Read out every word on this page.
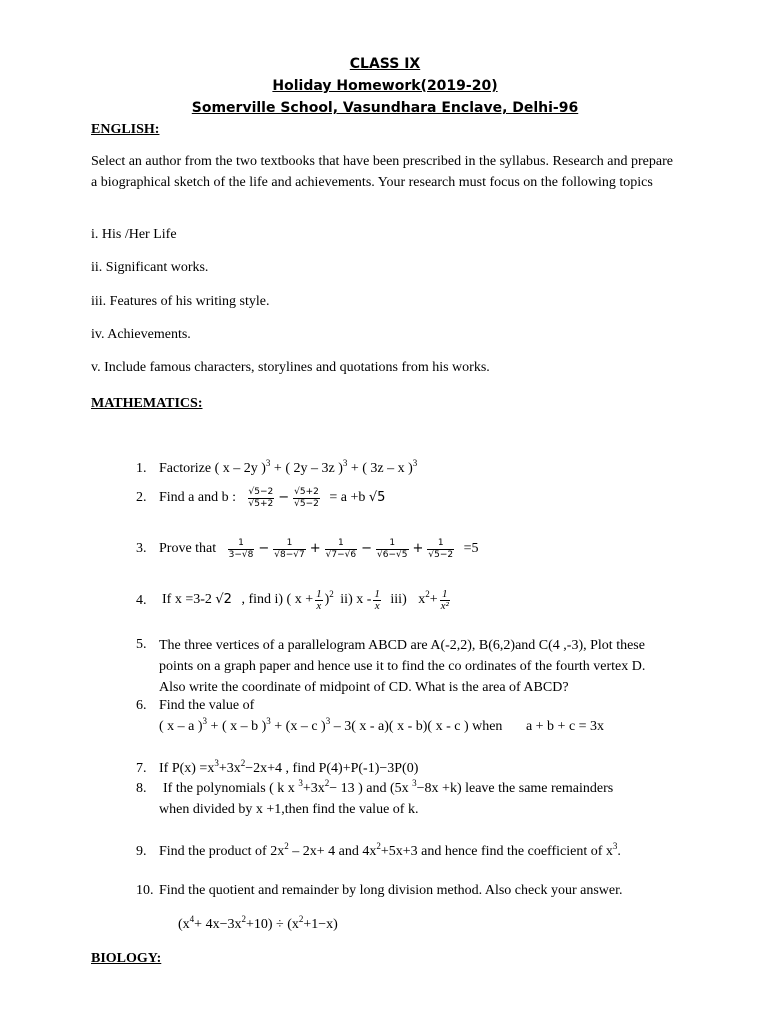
CLASS IX
Holiday Homework(2019-20)
Somerville School, Vasundhara Enclave, Delhi-96
ENGLISH:
Select an author from the two textbooks that have been prescribed in the syllabus. Research and prepare a biographical sketch of the life and achievements. Your research must focus on the following topics
i. His /Her Life
ii. Significant works.
iii. Features of his writing style.
iv. Achievements.
v. Include famous characters, storylines and quotations from his works.
MATHEMATICS:
1. Factorize ( x – 2y )$^3$ + ( 2y – 3z )$^3$ + ( 3z – x )$^3$
2. Find a and b : $\frac{√5-2}{√5+2} - \frac{√5+2}{√5-2} = a +b$ √5
3. Prove that $\frac{1}{3-√8} - \frac{1}{√8-√7} + \frac{1}{√7-√6} - \frac{1}{√6-√5} + \frac{1}{√5-2} =5$
4. If x =3-2 √2 , find i) ( $x + \frac{1}{x} )^2$ ii) x - $\frac{1}{x} iii$) $x^2+ \frac{1}{\text{x²}}$
5. The three vertices of a parallelogram ABCD are A(-2,2), B(6,2)and C(4 ,-3), Plot these points on a graph paper and hence use it to find the co ordinates of the fourth vertex D. Also write the coordinate of midpoint of CD. What is the area of ABCD?
6. Find the value of
( x – a )$^3$ + ( x – b )$^3$ + (x – c )$^3$ – 3( x - a)( x - b)( x - c ) when a + b + c = 3x
7. If $P(x) =x^3+3x^2-2x+4$ , find P(4)+P(-1)−3P(0)
8. If the polynomials ( k x $^3+3x^2- 13$ ) and (5x $^3$−8x +k) leave the same remainders
when divided by x +1,then find the value of k.
9. Find the product of $2x^2 - 2x+ 4$ and $4x^2+5x+3$ and hence find the coefficient of $x^3$.
10. Find the quotient and remainder by long division method. Also check your answer.
$(x^4+ 4x-3x^2+10) \div (x^2+1-x)$
BIOLOGY:
